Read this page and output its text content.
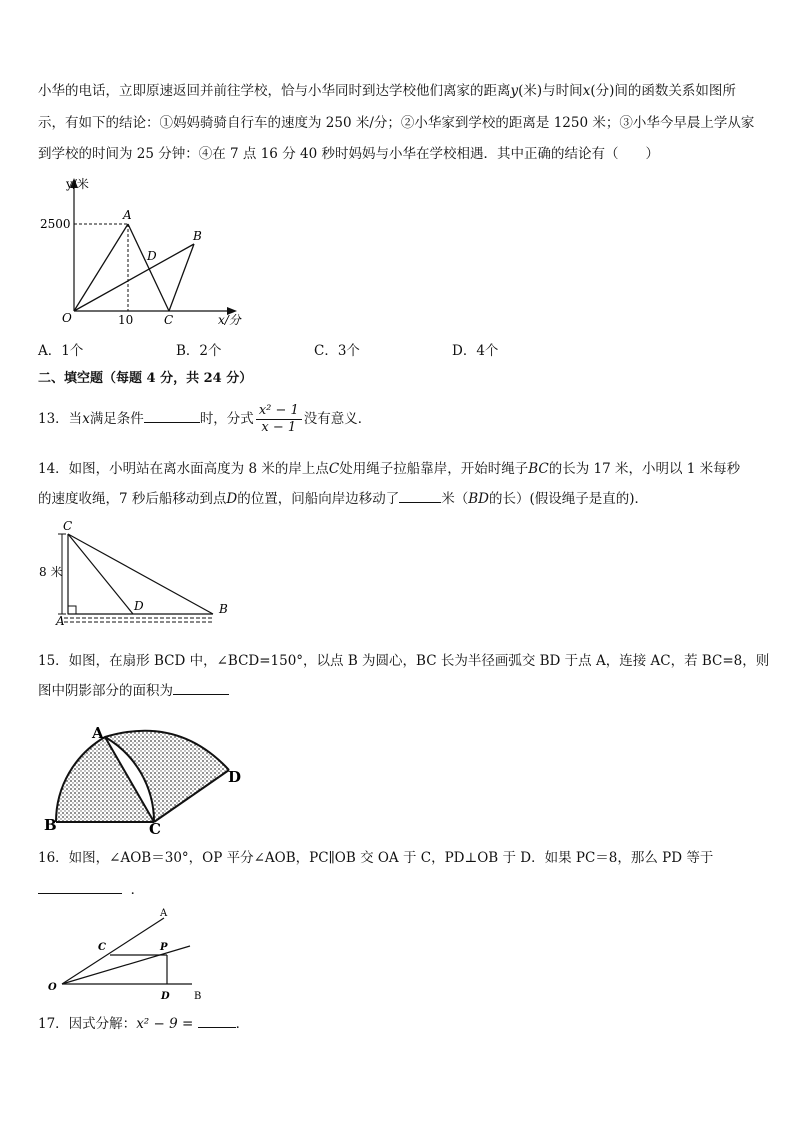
小华的电话，立即原速返回并前往学校，恰与小华同时到达学校他们离家的距离y(米)与时间x(分)间的函数关系如图所
示，有如下的结论：①妈妈骑骑自行车的速度为 250 米/分；②小华家到学校的距离是 1250 米；③小华今早晨上学从家
到学校的时间为 25 分钟：④在 7 点 16 分 40 秒时妈妈与小华在学校相遇．其中正确的结论有（　　）
y/米
2500
x/分
10
O
A
B
C
D
A．1个	B．2个	C．3个	D．4个
二、填空题（每题 4 分，共 24 分）
13．当x满足条件	时，分式 $\frac{\text{x² − 1}}{x - 1}$ 没有意义．
14．如图，小明站在离水面高度为 8 米的岸上点C处用绳子拉船靠岸，开始时绳子BC的长为 17 米，小明以 1 米每秒
的速度收绳，7 秒后船移动到点D的位置，问船向岸边移动了	米（BD的长）(假设绳子是直的)．
C
A
D	B
8 米
15．如图，在扇形 BCD 中，∠BCD=150°，以点 B 为圆心，BC 长为半径画弧交 BD 于点 A，连接 AC，若 BC=8，则
图中阴影部分的面积为
A
B	C
D
16．如图，∠AOB＝30°，OP 平分∠AOB，PC∥OB 交 OA 于 C，PD⊥OB 于 D．如果 PC＝8，那么 PD 等于
．
A
B
C	P
D
O
17．因式分解：x² − 9 =	．
